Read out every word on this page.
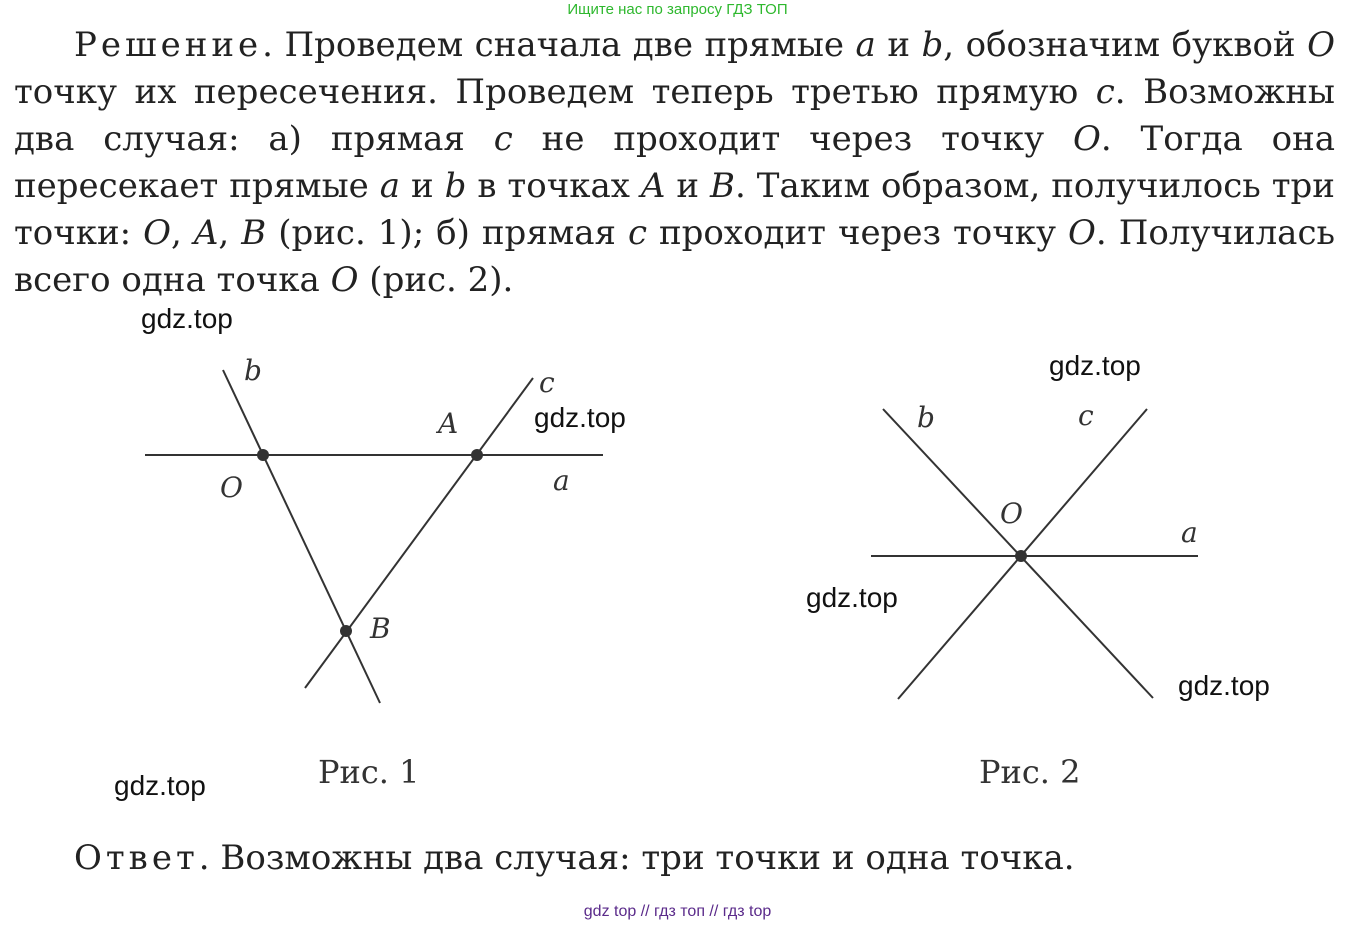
Ищите нас по запросу ГДЗ ТОП

Решение. Проведем сначала две прямые a и b, обозначим буквой O точку их пересечения. Проведем теперь третью прямую c. Возможны два случая: а) прямая c не проходит через точку O. Тогда она пересекает прямые a и b в точках A и B. Таким образом, получилось три точки: O, A, B (рис. 1); б) прямая c проходит через точку O. Получилась всего одна точка O (рис. 2).

b	c
A
a
O
B
b	c
O
a
Рис. 1	Рис. 2
gdz.top
gdz.top
gdz.top
gdz.top
gdz.top
gdz.top
Ответ. Возможны два случая: три точки и одна точка.
gdz top // гдз топ // гдз top
